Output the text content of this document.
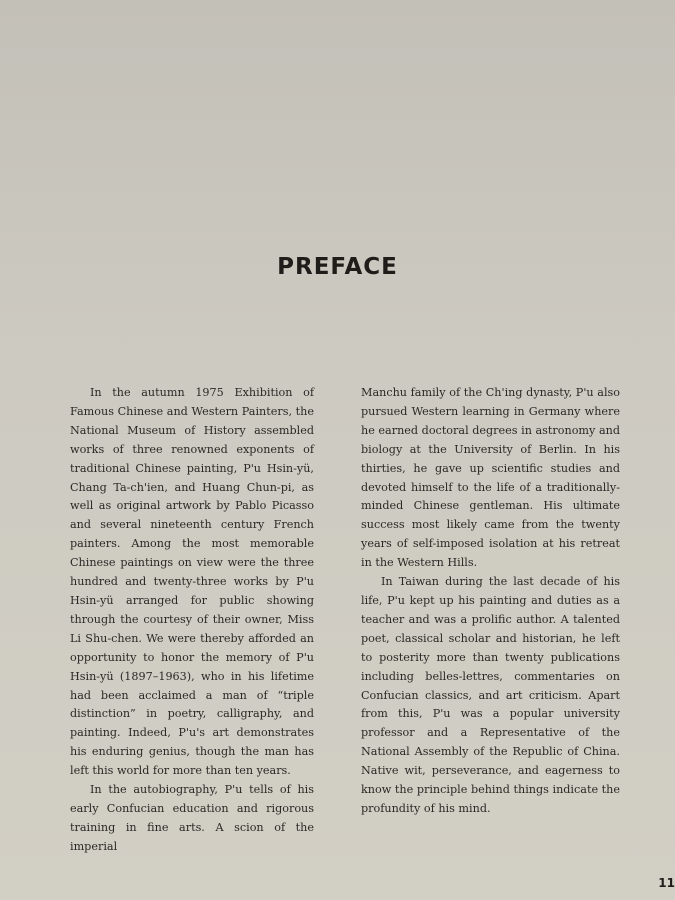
PREFACE

In the autumn 1975 Exhibition of Famous Chinese and Western Painters, the National Museum of History assembled works of three renowned exponents of traditional Chinese painting, P'u Hsin-yü, Chang Ta-ch'ien, and Huang Chun-pi, as well as original artwork by Pablo Picasso and several nineteenth century French painters. Among the most memorable Chinese paintings on view were the three hundred and twenty-three works by P'u Hsin-yü arranged for public showing through the courtesy of their owner, Miss Li Shu-chen. We were thereby afforded an opportunity to honor the memory of P'u Hsin-yü (1897–1963), who in his lifetime had been acclaimed a man of “triple distinction” in poetry, calligraphy, and painting. Indeed, P'u's art demonstrates his enduring genius, though the man has left this world for more than ten years.

In the autobiography, P'u tells of his early Confucian education and rigorous training in fine arts. A scion of the imperial

Manchu family of the Ch'ing dynasty, P'u also pursued Western learning in Germany where he earned doctoral degrees in astronomy and biology at the University of Berlin. In his thirties, he gave up scientific studies and devoted himself to the life of a traditionally-minded Chinese gentleman. His ultimate success most likely came from the twenty years of self-imposed isolation at his retreat in the Western Hills.

In Taiwan during the last decade of his life, P'u kept up his painting and duties as a teacher and was a prolific author. A talented poet, classical scholar and historian, he left to posterity more than twenty publications including belles-lettres, commentaries on Confucian classics, and art criticism. Apart from this, P'u was a popular university professor and a Representative of the National Assembly of the Republic of China. Native wit, perseverance, and eagerness to know the principle behind things indicate the profundity of his mind.

11
